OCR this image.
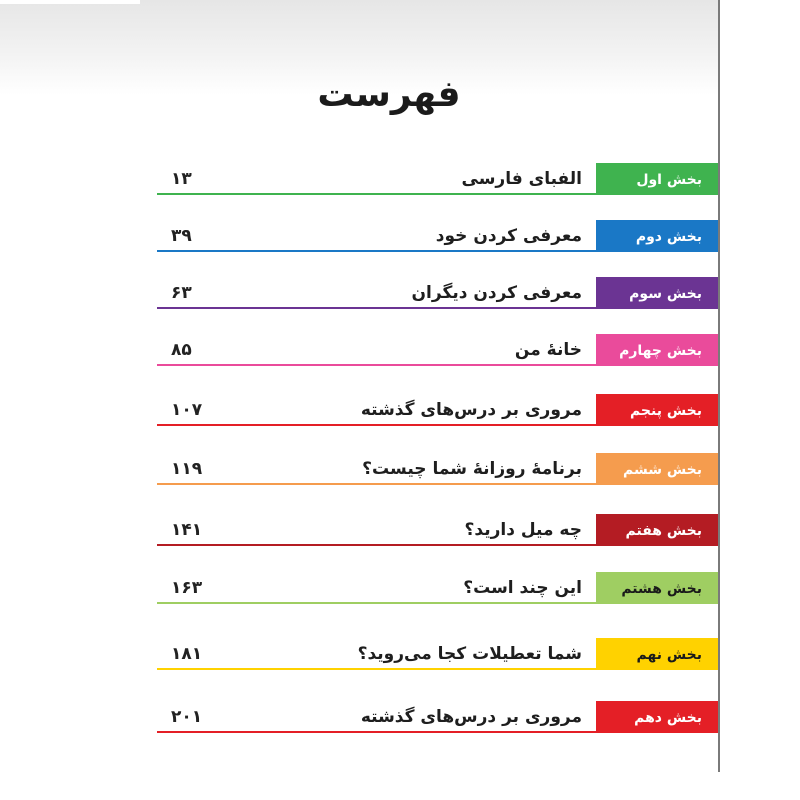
فهرست
۱۳	الفبای فارسی	بخش اول
۳۹	معرفی کردن خود	بخش دوم
۶۳	معرفی کردن دیگران	بخش سوم
۸۵	خانهٔ من	بخش چهارم
۱۰۷	مروری بر درس‌های گذشته	بخش پنجم
۱۱۹	برنامهٔ روزانهٔ شما چیست؟	بخش ششم
۱۴۱	چه میل دارید؟	بخش هفتم
۱۶۳	این چند است؟	بخش هشتم
۱۸۱	شما تعطیلات کجا می‌روید؟	بخش نهم
۲۰۱	مروری بر درس‌های گذشته	بخش دهم
